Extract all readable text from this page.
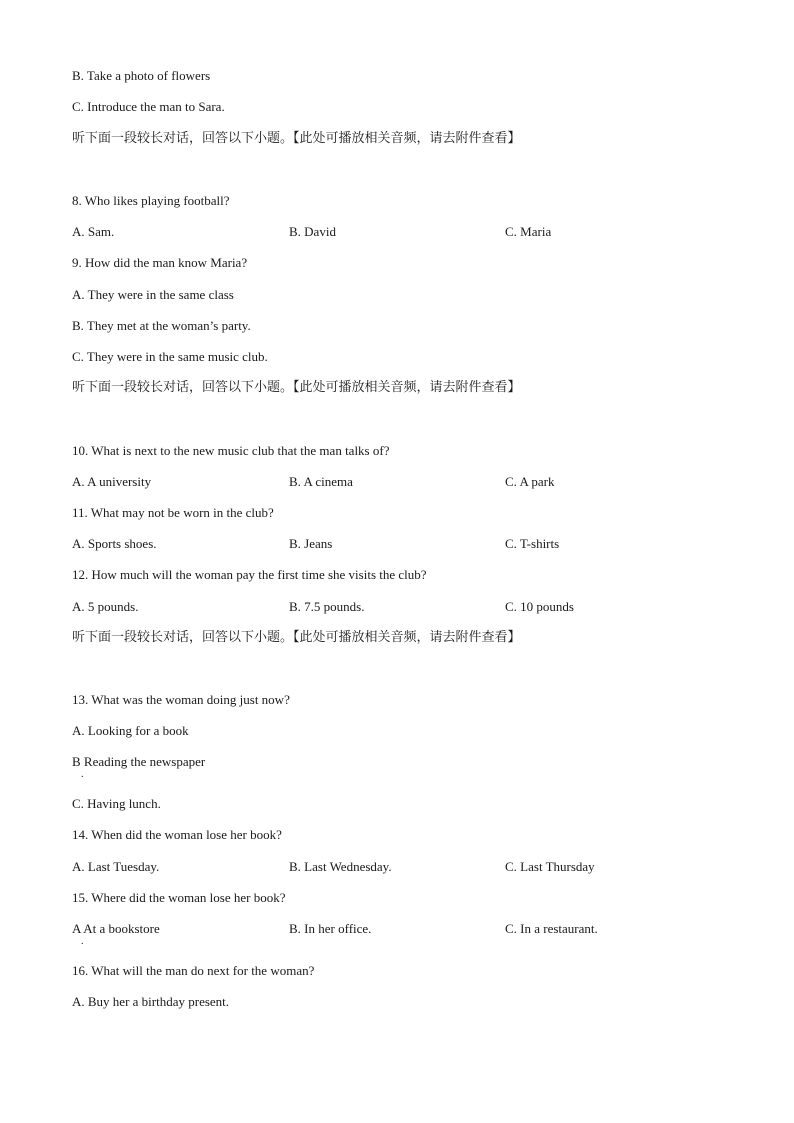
B. Take a photo of flowers
C. Introduce the man to Sara.
听下面一段较长对话，回答以下小题。【此处可播放相关音频，请去附件查看】
8. Who likes playing football?
A. Sam.	B. David	C. Maria
9. How did the man know Maria?
A. They were in the same class
B. They met at the woman’s party.
C. They were in the same music club.
听下面一段较长对话，回答以下小题。【此处可播放相关音频，请去附件查看】
10. What is next to the new music club that the man talks of?
A. A university	B. A cinema	C. A park
11. What may not be worn in the club?
A. Sports shoes.	B. Jeans	C. T-shirts
12. How much will the woman pay the first time she visits the club?
A. 5 pounds.	B. 7.5 pounds.	C. 10 pounds
听下面一段较长对话，回答以下小题。【此处可播放相关音频，请去附件查看】
13. What was the woman doing just now?
A. Looking for a book
B Reading the newspaper
.
C. Having lunch.
14. When did the woman lose her book?
A. Last Tuesday.	B. Last Wednesday.	C. Last Thursday
15. Where did the woman lose her book?
A At a bookstore
.
B. In her office.	C. In a restaurant.
16. What will the man do next for the woman?
A. Buy her a birthday present.
